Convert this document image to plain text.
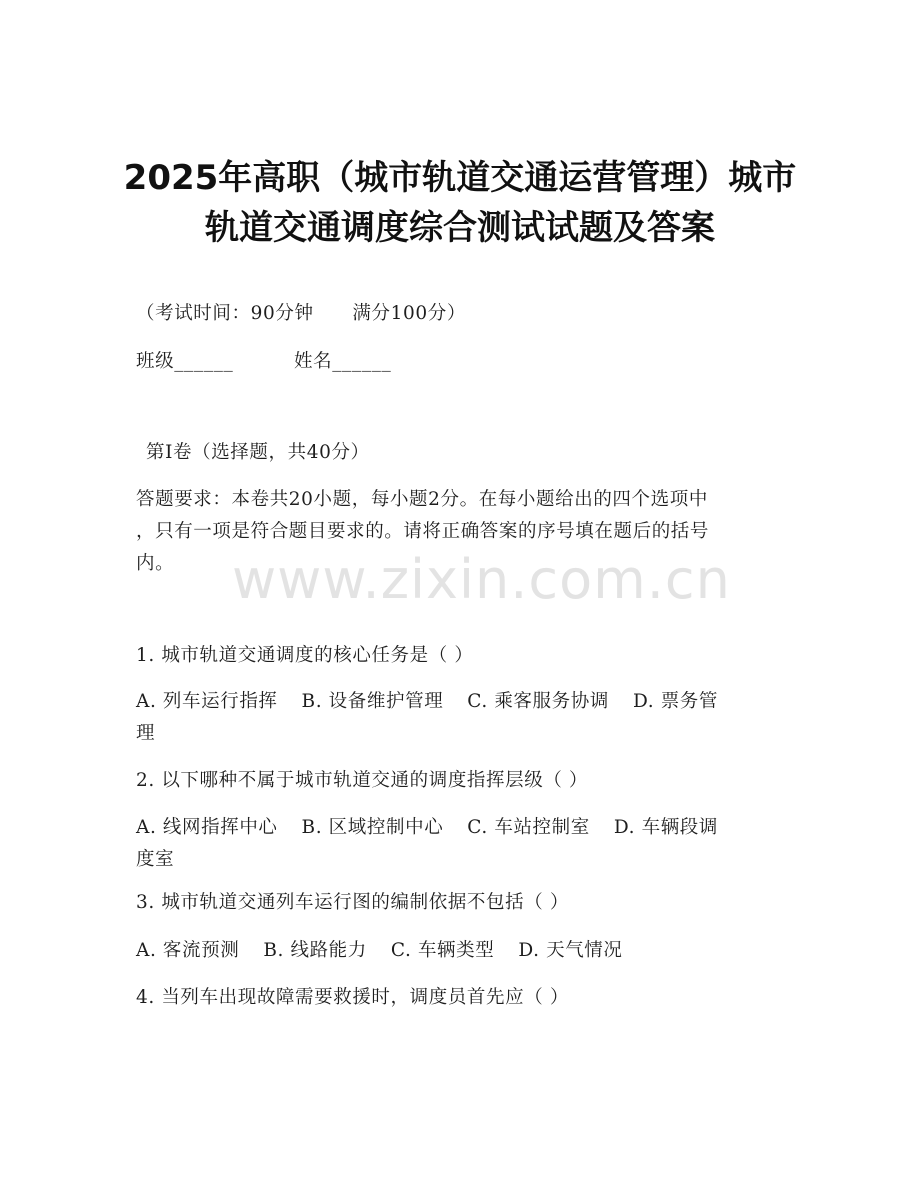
2025年高职（城市轨道交通运营管理）城市
轨道交通调度综合测试试题及答案
（考试时间：90分钟      满分100分）
班级______	姓名______
第I卷（选择题，共40分）
答题要求：本卷共20小题，每小题2分。在每小题给出的四个选项中
，只有一项是符合题目要求的。请将正确答案的序号填在题后的括号
内。 www.zixin.com.cn
1. 城市轨道交通调度的核心任务是（ ）
A. 列车运行指挥 B. 设备维护管理 C. 乘客服务协调 D. 票务管
理
2. 以下哪种不属于城市轨道交通的调度指挥层级（ ）
A. 线网指挥中心 B. 区域控制中心 C. 车站控制室 D. 车辆段调
度室
3. 城市轨道交通列车运行图的编制依据不包括（ ）
A. 客流预测 B. 线路能力 C. 车辆类型 D. 天气情况
4. 当列车出现故障需要救援时，调度员首先应（ ）
